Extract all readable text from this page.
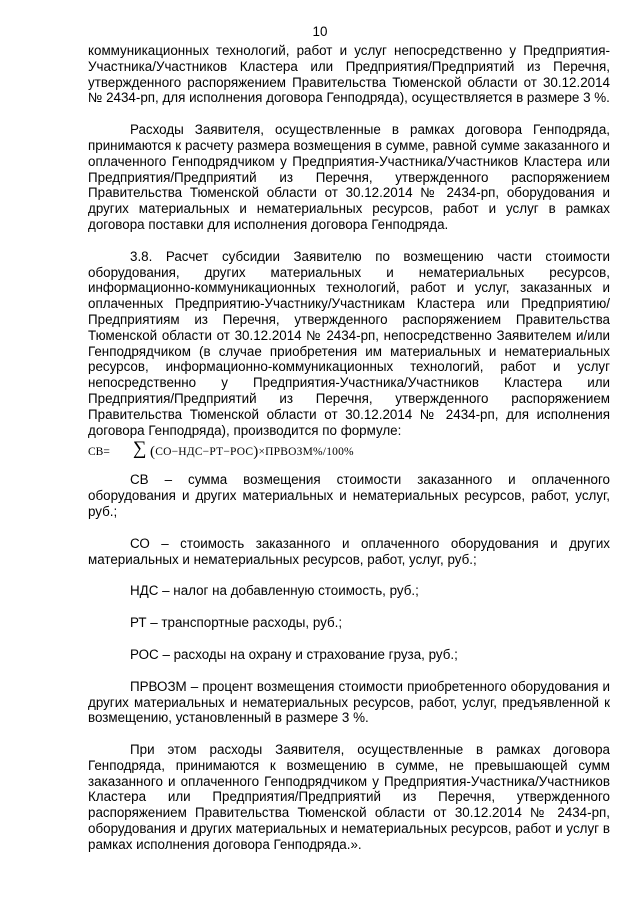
10

коммуникационных технологий, работ и услуг непосредственно у Предприятия-Участника/Участников Кластера или Предприятия/Предприятий из Перечня, утвержденного распоряжением Правительства Тюменской области от 30.12.2014 № 2434-рп, для исполнения договора Генподряда), осуществляется в размере 3 %.

Расходы Заявителя, осуществленные в рамках договора Генподряда, принимаются к расчету размера возмещения в сумме, равной сумме заказанного и оплаченного Генподрядчиком у Предприятия-Участника/Участников Кластера или Предприятия/Предприятий из Перечня, утвержденного распоряжением Правительства Тюменской области от 30.12.2014 № 2434-рп, оборудования и других материальных и нематериальных ресурсов, работ и услуг в рамках договора поставки для исполнения договора Генподряда.

3.8. Расчет субсидии Заявителю по возмещению части стоимости оборудования, других материальных и нематериальных ресурсов, информационно-коммуникационных технологий, работ и услуг, заказанных и оплаченных Предприятию-Участнику/Участникам Кластера или Предприятию/Предприятиям из Перечня, утвержденного распоряжением Правительства Тюменской области от 30.12.2014 № 2434-рп, непосредственно Заявителем и/или Генподрядчиком (в случае приобретения им материальных и нематериальных ресурсов, информационно-коммуникационных технологий, работ и услуг непосредственно у Предприятия-Участника/Участников Кластера или Предприятия/Предприятий из Перечня, утвержденного распоряжением Правительства Тюменской области от 30.12.2014 № 2434-рп, для исполнения договора Генподряда), производится по формуле:

СВ= ∑ (СО−НДС−РТ−РОС)×ПРВОЗМ%/100%

СВ – сумма возмещения стоимости заказанного и оплаченного оборудования и других материальных и нематериальных ресурсов, работ, услуг, руб.;

СО – стоимость заказанного и оплаченного оборудования и других материальных и нематериальных ресурсов, работ, услуг, руб.;

НДС – налог на добавленную стоимость, руб.;

РТ – транспортные расходы, руб.;

РОС – расходы на охрану и страхование груза, руб.;

ПРВОЗМ – процент возмещения стоимости приобретенного оборудования и других материальных и нематериальных ресурсов, работ, услуг, предъявленной к возмещению, установленный в размере 3 %.

При этом расходы Заявителя, осуществленные в рамках договора Генподряда, принимаются к возмещению в сумме, не превышающей сумм заказанного и оплаченного Генподрядчиком у Предприятия-Участника/Участников Кластера или Предприятия/Предприятий из Перечня, утвержденного распоряжением Правительства Тюменской области от 30.12.2014 № 2434-рп, оборудования и других материальных и нематериальных ресурсов, работ и услуг в рамках исполнения договора Генподряда.».
